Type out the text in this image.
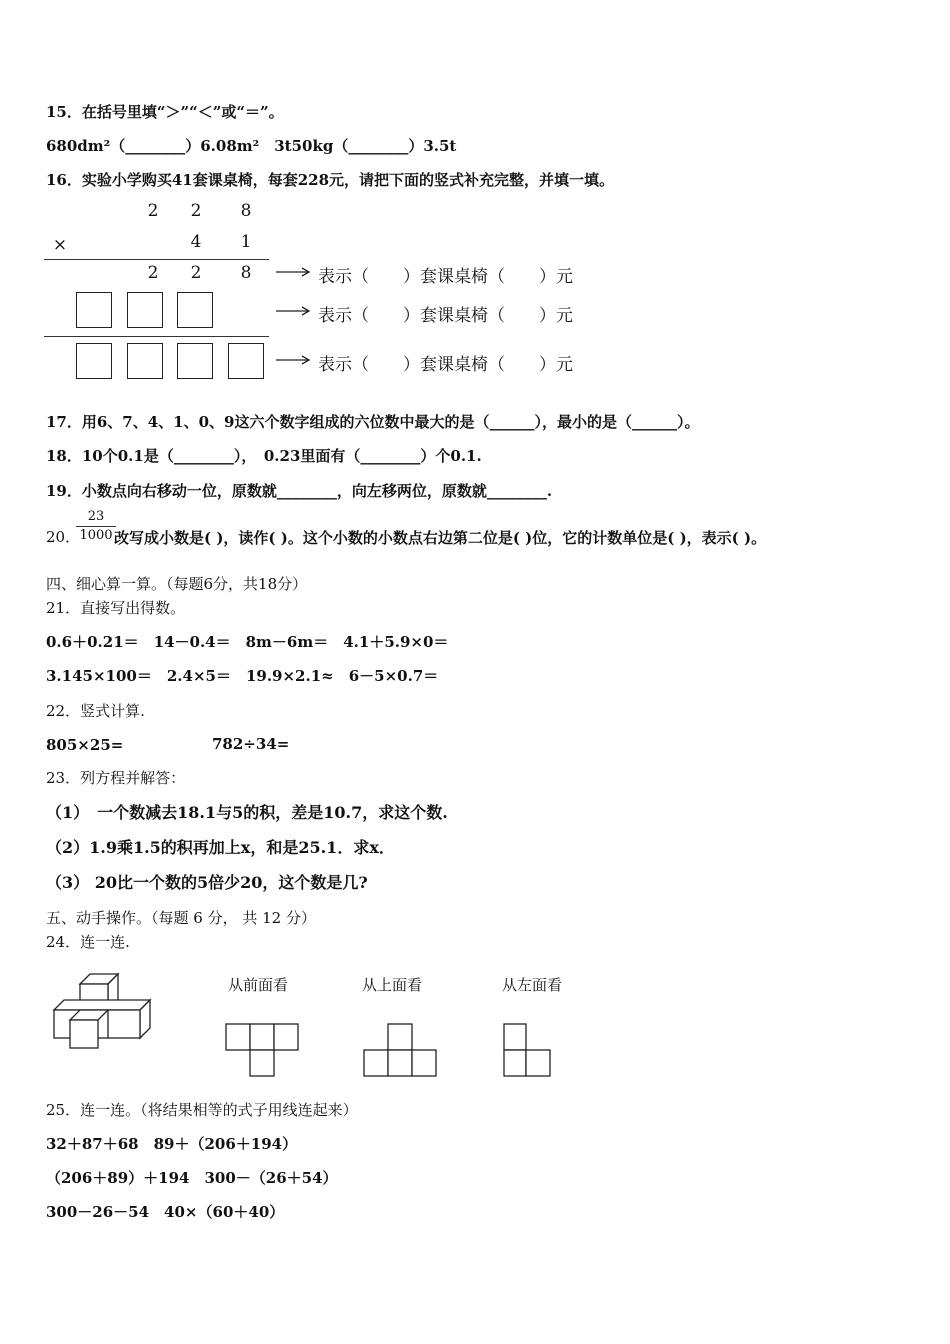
15．在括号里填“＞”“＜”或“＝”。
680dm²（________）6.08m²　3t50kg（________）3.5t
16．实验小学购买41套课桌椅，每套228元，请把下面的竖式补充完整，并填一填。
2 2 8
×	4 1
2 2 8	表示（　　）套课桌椅（　　）元
表示（　　）套课桌椅（　　）元
表示（　　）套课桌椅（　　）元
17．用6、7、4、1、0、9这六个数字组成的六位数中最大的是（______），最小的是（______）。
18．10个0.1是（________），　0.23里面有（________）个0.1.
19．小数点向右移动一位，原数就________，向左移两位，原数就________.
20．
23
1000 改写成小数是( )，读作( )。这个小数的小数点右边第二位是( )位，它的计数单位是( )，表示( )。
四、细心算一算。（每题6分，共18分）
21．直接写出得数。
0.6＋0.21＝　14－0.4＝　8m－6m＝　4.1＋5.9×0＝
3.145×100＝　2.4×5＝　19.9×2.1≈　6－5×0.7＝
22．竖式计算.
805×25=	782÷34=
23．列方程并解答：
（1）　一个数减去18.1与5的积，差是10.7，求这个数.
（2）1.9乘1.5的积再加上x，和是25.1．求x．
（3） 20比一个数的5倍少20，这个数是几?
五、动手操作。（每题 6 分， 共 12 分）
24．连一连.
从前面看	从上面看	从左面看
25．连一连。（将结果相等的式子用线连起来）
32＋87＋68　89＋（206＋194）
（206＋89）＋194　300－（26＋54）
300－26－54　40×（60＋40）
